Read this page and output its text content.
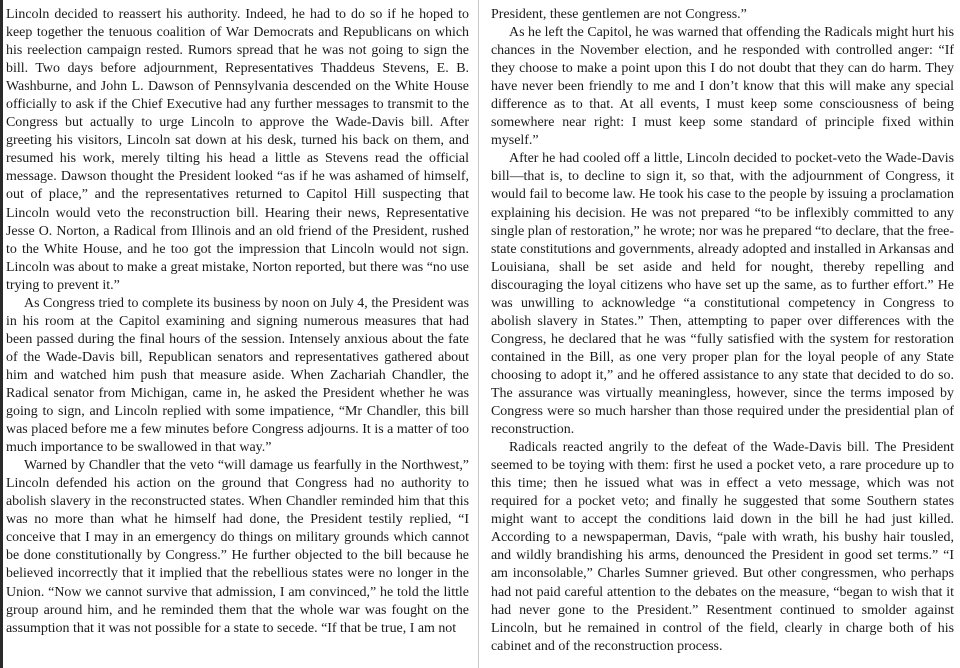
Lincoln decided to reassert his authority. Indeed, he had to do so if he hoped to keep together the tenuous coalition of War Democrats and Republicans on which his reelection campaign rested. Rumors spread that he was not going to sign the bill. Two days before adjournment, Representatives Thaddeus Stevens, E. B. Washburne, and John L. Dawson of Pennsylvania descended on the White House officially to ask if the Chief Executive had any further messages to transmit to the Congress but actually to urge Lincoln to approve the Wade-Davis bill. After greeting his visitors, Lincoln sat down at his desk, turned his back on them, and resumed his work, merely tilting his head a little as Stevens read the official message. Dawson thought the President looked “as if he was ashamed of himself, out of place,” and the representatives returned to Capitol Hill suspecting that Lincoln would veto the reconstruction bill. Hearing their news, Representative Jesse O. Norton, a Radical from Illinois and an old friend of the President, rushed to the White House, and he too got the impression that Lincoln would not sign. Lincoln was about to make a great mistake, Norton reported, but there was “no use trying to prevent it.”

As Congress tried to complete its business by noon on July 4, the President was in his room at the Capitol examining and signing numerous measures that had been passed during the final hours of the session. Intensely anxious about the fate of the Wade-Davis bill, Republican senators and representatives gathered about him and watched him push that measure aside. When Zachariah Chandler, the Radical senator from Michigan, came in, he asked the President whether he was going to sign, and Lincoln replied with some impatience, “Mr Chandler, this bill was placed before me a few minutes before Congress adjourns. It is a matter of too much importance to be swallowed in that way.”

Warned by Chandler that the veto “will damage us fearfully in the Northwest,” Lincoln defended his action on the ground that Congress had no authority to abolish slavery in the reconstructed states. When Chandler reminded him that this was no more than what he himself had done, the President testily replied, “I conceive that I may in an emergency do things on military grounds which cannot be done constitutionally by Congress.” He further objected to the bill because he believed incorrectly that it implied that the rebellious states were no longer in the Union. “Now we cannot survive that admission, I am convinced,” he told the little group around him, and he reminded them that the whole war was fought on the assumption that it was not possible for a state to secede. “If that be true, I am not

President, these gentlemen are not Congress.”

As he left the Capitol, he was warned that offending the Radicals might hurt his chances in the November election, and he responded with controlled anger: “If they choose to make a point upon this I do not doubt that they can do harm. They have never been friendly to me and I don’t know that this will make any special difference as to that. At all events, I must keep some consciousness of being somewhere near right: I must keep some standard of principle fixed within myself.”

After he had cooled off a little, Lincoln decided to pocket-veto the Wade-Davis bill—that is, to decline to sign it, so that, with the adjournment of Congress, it would fail to become law. He took his case to the people by issuing a proclamation explaining his decision. He was not prepared “to be inflexibly committed to any single plan of restoration,” he wrote; nor was he prepared “to declare, that the free-state constitutions and governments, already adopted and installed in Arkansas and Louisiana, shall be set aside and held for nought, thereby repelling and discouraging the loyal citizens who have set up the same, as to further effort.” He was unwilling to acknowledge “a constitutional competency in Congress to abolish slavery in States.” Then, attempting to paper over differences with the Congress, he declared that he was “fully satisfied with the system for restoration contained in the Bill, as one very proper plan for the loyal people of any State choosing to adopt it,” and he offered assistance to any state that decided to do so. The assurance was virtually meaningless, however, since the terms imposed by Congress were so much harsher than those required under the presidential plan of reconstruction.

Radicals reacted angrily to the defeat of the Wade-Davis bill. The President seemed to be toying with them: first he used a pocket veto, a rare procedure up to this time; then he issued what was in effect a veto message, which was not required for a pocket veto; and finally he suggested that some Southern states might want to accept the conditions laid down in the bill he had just killed. According to a newspaperman, Davis, “pale with wrath, his bushy hair tousled, and wildly brandishing his arms, denounced the President in good set terms.” “I am inconsolable,” Charles Sumner grieved. But other congressmen, who perhaps had not paid careful attention to the debates on the measure, “began to wish that it had never gone to the President.” Resentment continued to smolder against Lincoln, but he remained in control of the field, clearly in charge both of his cabinet and of the reconstruction process.
